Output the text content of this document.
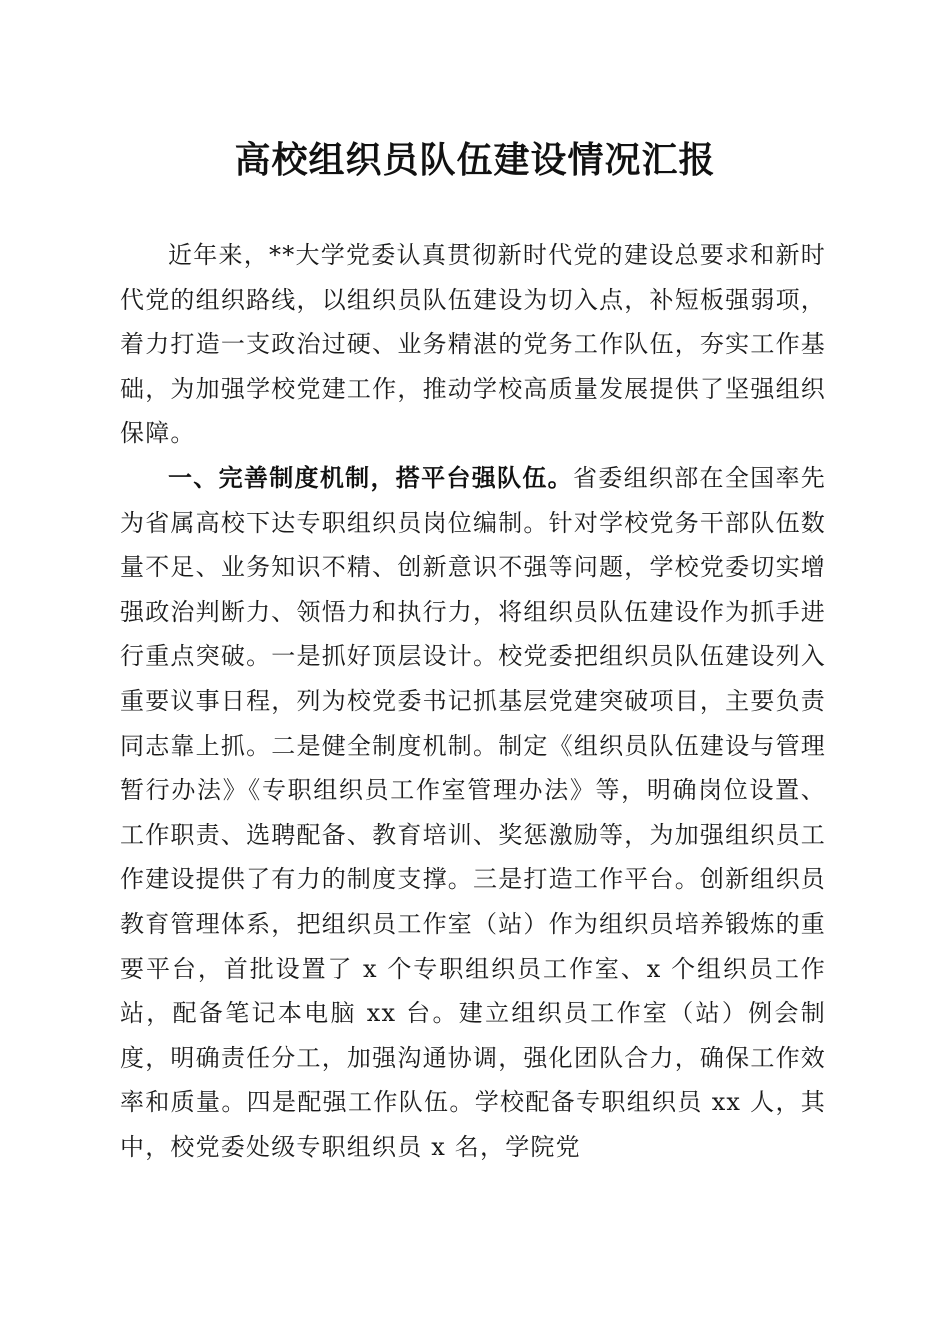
高校组织员队伍建设情况汇报

近年来，**大学党委认真贯彻新时代党的建设总要求和新时代党的组织路线，以组织员队伍建设为切入点，补短板强弱项，着力打造一支政治过硬、业务精湛的党务工作队伍，夯实工作基础，为加强学校党建工作，推动学校高质量发展提供了坚强组织保障。

一、完善制度机制，搭平台强队伍。省委组织部在全国率先为省属高校下达专职组织员岗位编制。针对学校党务干部队伍数量不足、业务知识不精、创新意识不强等问题，学校党委切实增强政治判断力、领悟力和执行力，将组织员队伍建设作为抓手进行重点突破。一是抓好顶层设计。校党委把组织员队伍建设列入重要议事日程，列为校党委书记抓基层党建突破项目，主要负责同志靠上抓。二是健全制度机制。制定《组织员队伍建设与管理暂行办法》《专职组织员工作室管理办法》等，明确岗位设置、工作职责、选聘配备、教育培训、奖惩激励等，为加强组织员工作建设提供了有力的制度支撑。三是打造工作平台。创新组织员教育管理体系，把组织员工作室（站）作为组织员培养锻炼的重要平台，首批设置了 x 个专职组织员工作室、x 个组织员工作站，配备笔记本电脑 xx 台。建立组织员工作室（站）例会制度，明确责任分工，加强沟通协调，强化团队合力，确保工作效率和质量。四是配强工作队伍。学校配备专职组织员 xx 人，其中，校党委处级专职组织员 x 名，学院党
